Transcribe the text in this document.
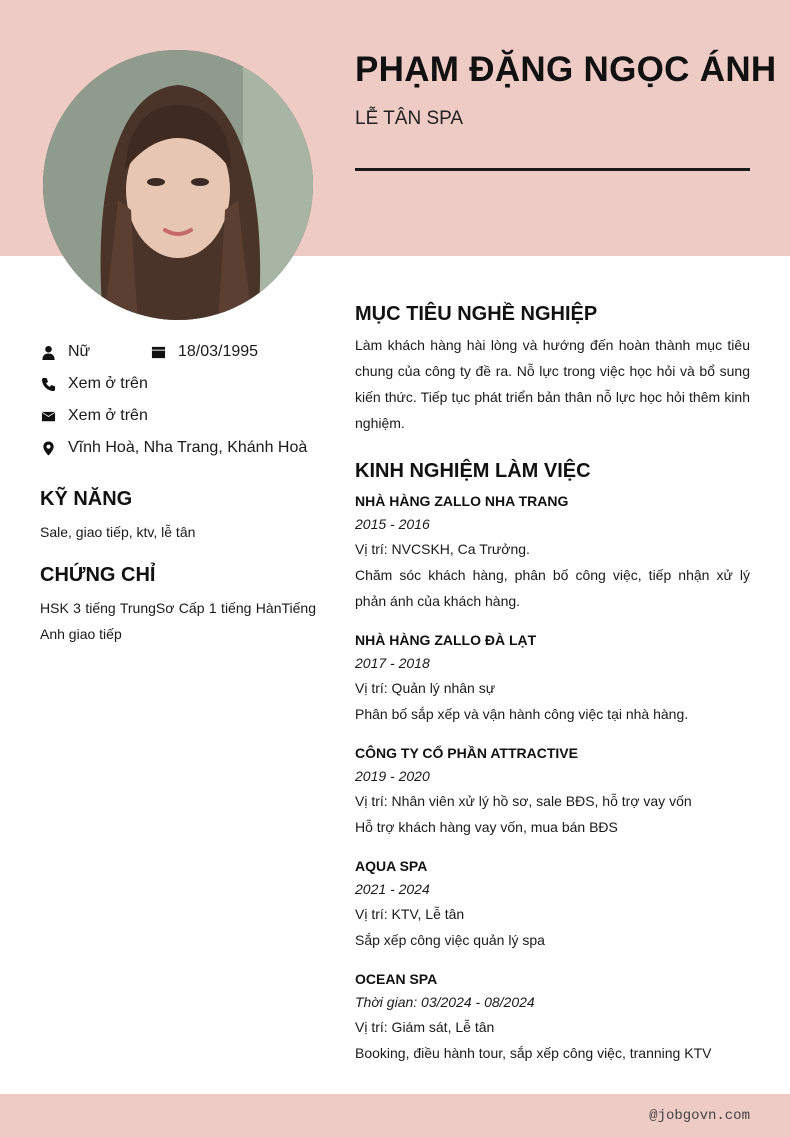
PHẠM ĐẶNG NGỌC ÁNH
LỄ TÂN SPA
Nữ	18/03/1995
Xem ở trên
Xem ở trên
Vĩnh Hoà, Nha Trang, Khánh Hoà
KỸ NĂNG
Sale, giao tiếp, ktv, lễ tân
CHỨNG CHỈ
HSK 3 tiếng TrungSơ Cấp 1 tiếng HànTiếng Anh giao tiếp
MỤC TIÊU NGHỀ NGHIỆP
Làm khách hàng hài lòng và hướng đến hoàn thành mục tiêu chung của công ty đề ra. Nỗ lực trong việc học hỏi và bổ sung kiến thức. Tiếp tục phát triển bản thân nỗ lực học hỏi thêm kinh nghiệm.
KINH NGHIỆM LÀM VIỆC
NHÀ HÀNG ZALLO NHA TRANG
2015 - 2016
Vị trí: NVCSKH, Ca Trưởng.
Chăm sóc khách hàng, phân bố công việc, tiếp nhận xử lý phản ánh của khách hàng.
NHÀ HÀNG ZALLO ĐÀ LẠT
2017 - 2018
Vị trí: Quản lý nhân sự
Phân bố sắp xếp và vận hành công việc tại nhà hàng.
CÔNG TY CỔ PHẦN ATTRACTIVE
2019 - 2020
Vị trí: Nhân viên xử lý hồ sơ, sale BĐS, hỗ trợ vay vốn
Hỗ trợ khách hàng vay vốn, mua bán BĐS
AQUA SPA
2021 - 2024
Vị trí: KTV, Lễ tân
Sắp xếp công việc quản lý spa
OCEAN SPA
Thời gian: 03/2024 - 08/2024
Vị trí: Giám sát, Lễ tân
Booking, điều hành tour, sắp xếp công việc, tranning KTV
@jobgovn.com
